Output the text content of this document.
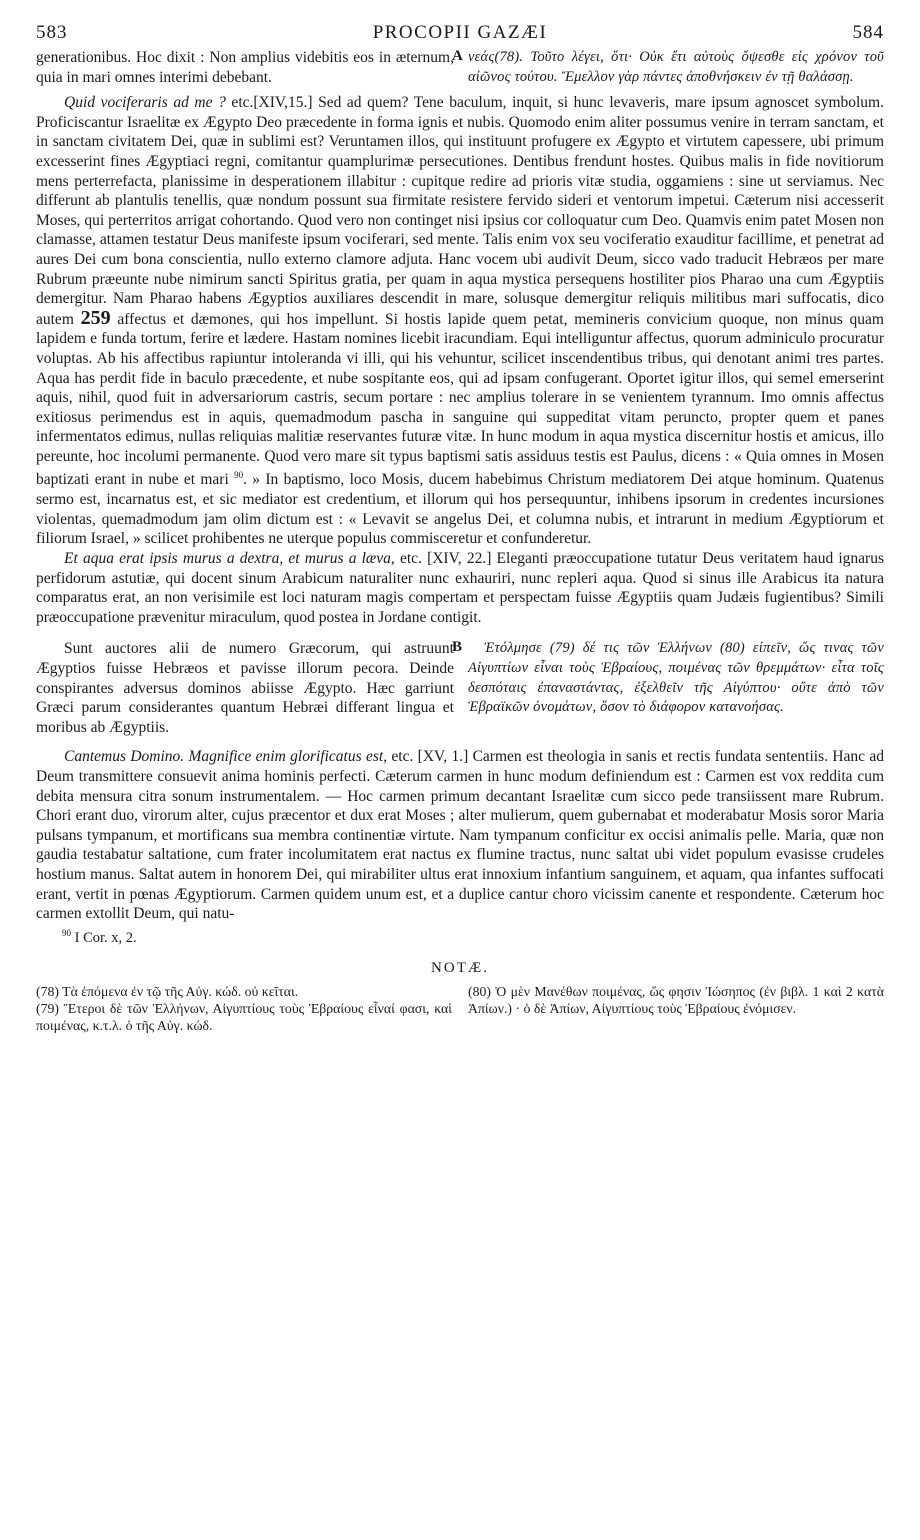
583	PROCOPII GAZÆI	584
generationibus. Hoc dixit : Non amplius videbitis eos in æternum, quia in mari omnes interimi debebant.
A νεάς(78). Τοῦτο λέγει, ὅτι· Οὐκ ἔτι αὐτοὺς ὄψεσθε εἰς χρόνον τοῦ αἰῶνος τούτου. Ἔμελλον γὰρ πάντες ἀποθνήσκειν ἐν τῇ θαλάσσῃ.

Quid vociferaris ad me ? etc.[XIV,15.] Sed ad quem? Tene baculum, inquit, si hunc levaveris, mare ipsum agnoscet symbolum. Proficiscantur Israelitæ ex Ægypto Deo præcedente in forma ignis et nubis. Quomodo enim aliter possumus venire in terram sanctam, et in sanctam civitatem Dei, quæ in sublimi est? Veruntamen illos, qui instituunt profugere ex Ægypto et virtutem capessere, ubi primum excesserint fines Ægyptiaci regni, comitantur quamplurimæ persecutiones. Dentibus frendunt hostes. Quibus malis in fide novitiorum mens perterrefacta, planissime in desperationem illabitur : cupitque redire ad prioris vitæ studia, oggamiens : sine ut serviamus. Nec differunt ab plantulis tenellis, quæ nondum possunt sua firmitate resistere fervido sideri et ventorum impetui. Cæterum nisi accesserit Moses, qui perterritos arrigat cohortando. Quod vero non continget nisi ipsius cor colloquatur cum Deo. Quamvis enim patet Mosen non clamasse, attamen testatur Deus manifeste ipsum vociferari, sed mente. Talis enim vox seu vociferatio exauditur facillime, et penetrat ad aures Dei cum bona conscientia, nullo externo clamore adjuta. Hanc vocem ubi audivit Deum, sicco vado traducit Hebræos per mare Rubrum præeunte nube nimirum sancti Spiritus gratia, per quam in aqua mystica persequens hostiliter pios Pharao una cum Ægyptiis demergitur. Nam Pharao habens Ægyptios auxiliares descendit in mare, solusque demergitur reliquis militibus mari suffocatis, dico autem 259 affectus et dæmones, qui hos impellunt. Si hostis lapide quem petat, memineris convicium quoque, non minus quam lapidem e funda tortum, ferire et lædere. Hastam nomines licebit iracundiam. Equi intelliguntur affectus, quorum adminiculo procuratur voluptas. Ab his affectibus rapiuntur intoleranda vi illi, qui his vehuntur, scilicet inscendentibus tribus, qui denotant animi tres partes. Aqua has perdit fide in baculo præcedente, et nube sospitante eos, qui ad ipsam confugerant. Oportet igitur illos, qui semel emerserint aquis, nihil, quod fuit in adversariorum castris, secum portare : nec amplius tolerare in se venientem tyrannum. Imo omnis affectus exitiosus perimendus est in aquis, quemadmodum pascha in sanguine qui suppeditat vitam peruncto, propter quem et panes infermentatos edimus, nullas reliquias malitiæ reservantes futuræ vitæ. In hunc modum in aqua mystica discernitur hostis et amicus, illo pereunte, hoc incolumi permanente. Quod vero mare sit typus baptismi satis assiduus testis est Paulus, dicens : « Quia omnes in Mosen baptizati erant in nube et mari $^{90}$. » In baptismo, loco Mosis, ducem habebimus Christum mediatorem Dei atque hominum. Quatenus sermo est, incarnatus est, et sic mediator est credentium, et illorum qui hos persequuntur, inhibens ipsorum in credentes incursiones violentas, quemadmodum jam olim dictum est : « Levavit se angelus Dei, et columna nubis, et intrarunt in medium Ægyptiorum et filiorum Israel, » scilicet prohibentes ne uterque populus commisceretur et confunderetur.

Et aqua erat ipsis murus a dextra, et murus a læva, etc. [XIV, 22.] Eleganti præoccupatione tutatur Deus veritatem haud ignarus perfidorum astutiæ, qui docent sinum Arabicum naturaliter nunc exhauriri, nunc repleri aqua. Quod si sinus ille Arabicus ita natura comparatus erat, an non verisimile est loci naturam magis compertam et perspectam fuisse Ægyptiis quam Judæis fugientibus? Simili præoccupatione prævenitur miraculum, quod postea in Jordane contigit.

Sunt auctores alii de numero Græcorum, qui astruunt Ægyptios fuisse Hebræos et pavisse illorum pecora. Deinde conspirantes adversus dominos abiisse Ægypto. Hæc garriunt Græci parum considerantes quantum Hebræi differant lingua et moribus ab Ægyptiis.
B	Ἐτόλμησε (79) δέ τις τῶν Ἑλλήνων (80) εἰπεῖν, ὥς τινας τῶν Αἰγυπτίων εἶναι τοὺς Ἑβραίους, ποιμένας τῶν θρεμμάτων· εἶτα τοῖς δεσπόταις ἐπαναστάντας, ἐξελθεῖν τῆς Αἰγύπτου· οὔτε ἀπὸ τῶν Ἑβραϊκῶν ὀνομάτων, ὅσον τὸ διάφορον κατανοήσας.

Cantemus Domino. Magnifice enim glorificatus est, etc. [XV, 1.] Carmen est theologia in sanis et rectis fundata sententiis. Hanc ad Deum transmittere consuevit anima hominis perfecti. Cæterum carmen in hunc modum definiendum est : Carmen est vox reddita cum debita mensura citra sonum instrumentalem. — Hoc carmen primum decantant Israelitæ cum sicco pede transiissent mare Rubrum. Chori erant duo, virorum alter, cujus præcentor et dux erat Moses ; alter mulierum, quem gubernabat et moderabatur Mosis soror Maria pulsans tympanum, et mortificans sua membra continentiæ virtute. Nam tympanum conficitur ex occisi animalis pelle. Maria, quæ non gaudia testabatur saltatione, cum frater incolumitatem erat nactus ex flumine tractus, nunc saltat ubi videt populum evasisse crudeles hostium manus. Saltat autem in honorem Dei, qui mirabiliter ultus erat innoxium infantium sanguinem, et aquam, qua infantes suffocati erant, vertit in pœnas Ægyptiorum. Carmen quidem unum est, et a duplice cantur choro vicissim canente et respondente. Cæterum hoc carmen extollit Deum, qui natu-

$^{90}$ I Cor. x, 2.

NOTÆ.

(78) Τὰ ἑπόμενα ἐν τῷ τῆς Αὐγ. κώδ. οὐ κεῖται.

(79) Ἕτεροι δὲ τῶν Ἑλλήνων, Αἰγυπτίους τοὺς Ἑβραίους εἶναί φασι, καὶ ποιμένας, κ.τ.λ. ὁ τῆς Αὐγ. κώδ.

(80) Ὁ μὲν Μανέθων ποιμένας, ὥς φησιν Ἰώσηπος (ἐν βιβλ. 1 καὶ 2 κατὰ Ἀπίων.) · ὁ δὲ Ἀπίων, Αἰγυπτίους τοὺς Ἑβραίους ἐνόμισεν.
